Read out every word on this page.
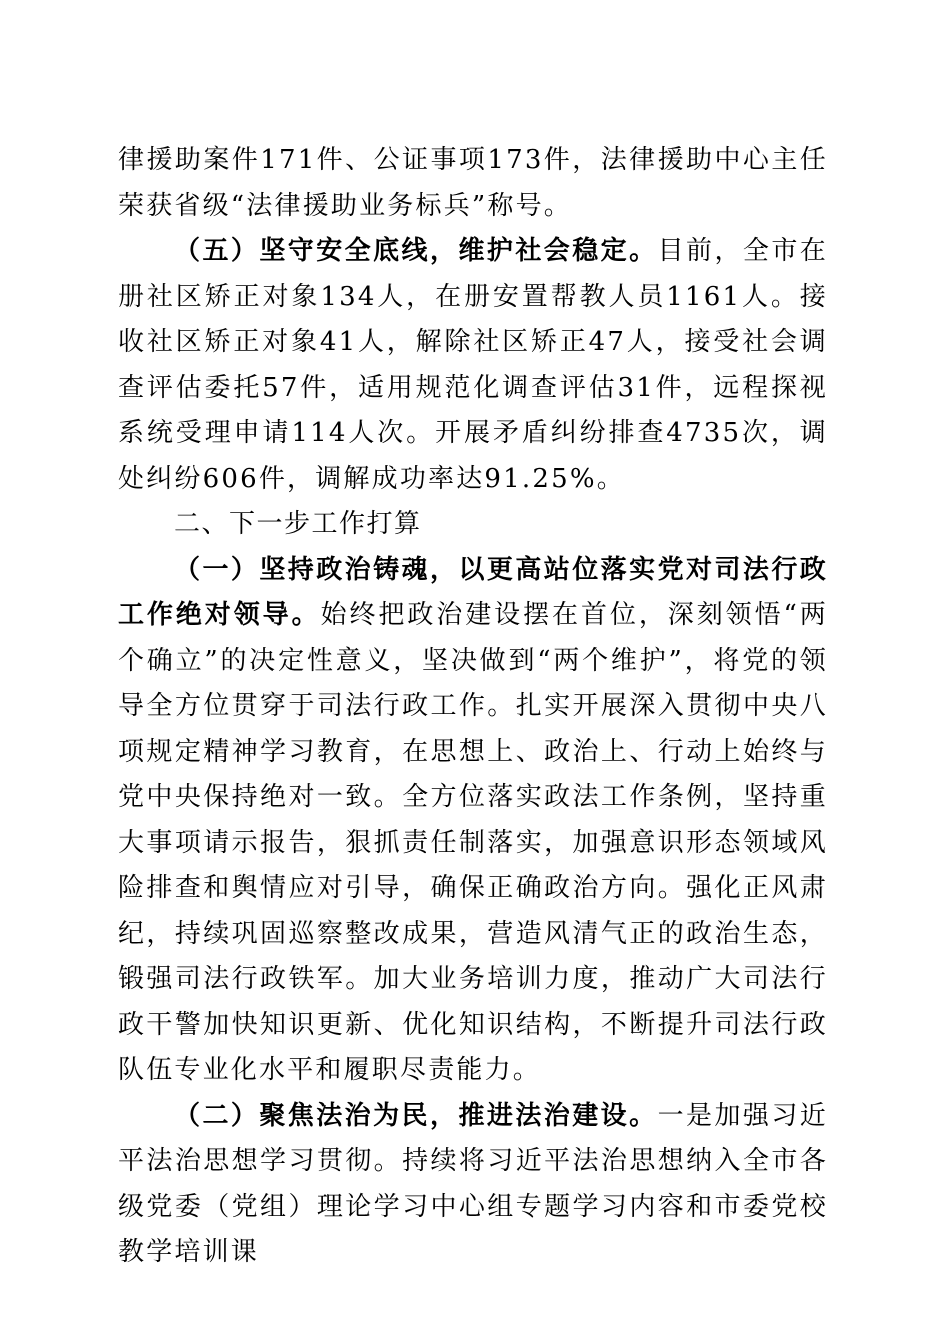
律援助案件171件、公证事项173件，法律援助中心主任荣获省级“法律援助业务标兵”称号。

（五）坚守安全底线，维护社会稳定。目前，全市在册社区矫正对象134人，在册安置帮教人员1161人。接收社区矫正对象41人，解除社区矫正47人，接受社会调查评估委托57件，适用规范化调查评估31件，远程探视系统受理申请114人次。开展矛盾纠纷排查4735次，调处纠纷606件，调解成功率达91.25%。

二、下一步工作打算

（一）坚持政治铸魂，以更高站位落实党对司法行政工作绝对领导。始终把政治建设摆在首位，深刻领悟“两个确立”的决定性意义，坚决做到“两个维护”，将党的领导全方位贯穿于司法行政工作。扎实开展深入贯彻中央八项规定精神学习教育，在思想上、政治上、行动上始终与党中央保持绝对一致。全方位落实政法工作条例，坚持重大事项请示报告，狠抓责任制落实，加强意识形态领域风险排查和舆情应对引导，确保正确政治方向。强化正风肃纪，持续巩固巡察整改成果，营造风清气正的政治生态，锻强司法行政铁军。加大业务培训力度，推动广大司法行政干警加快知识更新、优化知识结构，不断提升司法行政队伍专业化水平和履职尽责能力。

（二）聚焦法治为民，推进法治建设。一是加强习近平法治思想学习贯彻。持续将习近平法治思想纳入全市各级党委（党组）理论学习中心组专题学习内容和市委党校教学培训课
